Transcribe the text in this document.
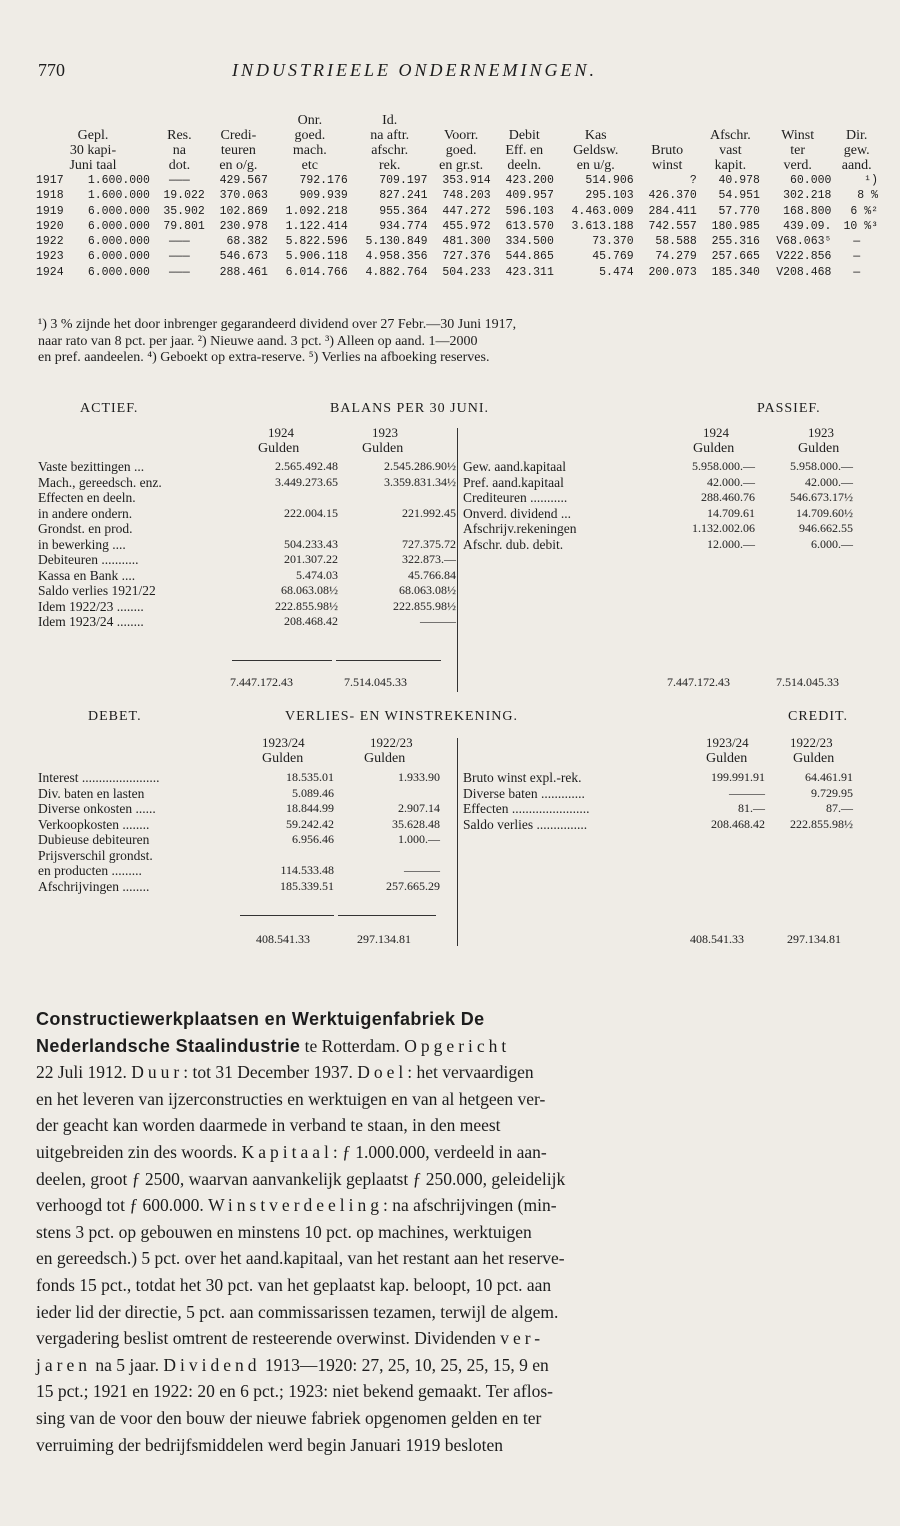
770	INDUSTRIEELE ONDERNEMINGEN.
				Onr.	Id.							
Gepl.		Res.	Credi-	goed.	na aftr.	Voorr.	Debit	Kas		Afschr.	Winst	Dir.
30 kapi-		na	teuren	mach.	afschr.	goed.	Eff. en	Geldsw.	Bruto	vast	ter	gew.
Juni taal		dot.	en o/g.	etc	rek.	en gr.st.	deeln.	en u/g.	winst	kapit.	verd.	aand.
1917	1.600.000	———	429.567	792.176	709.197	353.914	423.200	514.906	?	40.978	60.000	¹)
1918	1.600.000	19.022	370.063	909.939	827.241	748.203	409.957	295.103	426.370	54.951	302.218	8 %
1919	6.000.000	35.902	102.869	1.092.218	955.364	447.272	596.103	4.463.009	284.411	57.770	168.800	6 %²
1920	6.000.000	79.801	230.978	1.122.414	934.774	455.972	613.570	3.613.188	742.557	180.985	439.09.	10 %³
1922	6.000.000	———	68.382	5.822.596	5.130.849	481.300	334.500	73.370	58.588	255.316	V68.063⁵	—
1923	6.000.000	———	546.673	5.906.118	4.958.356	727.376	544.865	45.769	74.279	257.665	V222.856	—
1924	6.000.000	———	288.461	6.014.766	4.882.764	504.233	423.311	5.474	200.073	185.340	V208.468	—
¹) 3 % zijnde het door inbrenger gegarandeerd dividend over 27 Febr.—30 Juni 1917,
naar rato van 8 pct. per jaar. ²) Nieuwe aand. 3 pct. ³) Alleen op aand. 1—2000
en pref. aandeelen. ⁴) Geboekt op extra-reserve. ⁵) Verlies na afboeking reserves.
ACTIEF.	BALANS PER 30 JUNI.	PASSIEF.
1924	1923	1924	1923
Gulden	Gulden	Gulden	Gulden
Vaste bezittingen ...	2.565.492.48	2.545.286.90½
Mach., gereedsch. enz.	3.449.273.65	3.359.831.34½
Effecten en deeln.
in andere ondern.	222.004.15	221.992.45
Grondst. en prod.
in bewerking ....	504.233.43	727.375.72
Debiteuren ...........	201.307.22	322.873.—
Kassa en Bank ....	5.474.03	45.766.84
Saldo verlies 1921/22	68.063.08½	68.063.08½
Idem 1922/23 ........	222.855.98½	222.855.98½
Idem 1923/24 ........	208.468.42	———
Gew. aand.kapitaal	5.958.000.—	5.958.000.—
Pref. aand.kapitaal	42.000.—	42.000.—
Crediteuren ...........	288.460.76	546.673.17½
Onverd. dividend ...	14.709.61	14.709.60½
Afschrijv.rekeningen	1.132.002.06	946.662.55
Afschr. dub. debit.	12.000.—	6.000.—
7.447.172.43	7.514.045.33	7.447.172.43	7.514.045.33
DEBET.	VERLIES- EN WINSTREKENING.	CREDIT.
1923/24	1922/23	1923/24	1922/23
Gulden	Gulden	Gulden	Gulden
Interest .......................	18.535.01	1.933.90
Div. baten en lasten	5.089.46
Diverse onkosten ......	18.844.99	2.907.14
Verkoopkosten ........	59.242.42	35.628.48
Dubieuse debiteuren	6.956.46	1.000.—
Prijsverschil grondst.
en producten .........	114.533.48	———
Afschrijvingen ........	185.339.51	257.665.29
Bruto winst expl.-rek.	199.991.91	64.461.91
Diverse baten .............	———	9.729.95
Effecten .......................	81.—	87.—
Saldo verlies ...............	208.468.42	222.855.98½
408.541.33	297.134.81	408.541.33	297.134.81
Constructiewerkplaatsen en Werktuigenfabriek De
Nederlandsche Staalindustrie te Rotterdam. Opgericht
22 Juli 1912. Duur: tot 31 December 1937. Doel: het vervaardigen
en het leveren van ijzerconstructies en werktuigen en van al hetgeen ver-
der geacht kan worden daarmede in verband te staan, in den meest
uitgebreiden zin des woords. Kapitaal: ƒ 1.000.000, verdeeld in aan-
deelen, groot ƒ 2500, waarvan aanvankelijk geplaatst ƒ 250.000, geleidelijk
verhoogd tot ƒ 600.000. Winstverdeeling: na afschrijvingen (min-
stens 3 pct. op gebouwen en minstens 10 pct. op machines, werktuigen
en gereedsch.) 5 pct. over het aand.kapitaal, van het restant aan het reserve-
fonds 15 pct., totdat het 30 pct. van het geplaatst kap. beloopt, 10 pct. aan
ieder lid der directie, 5 pct. aan commissarissen tezamen, terwijl de algem.
vergadering beslist omtrent de resteerende overwinst. Dividenden ver-
jaren na 5 jaar. Dividend 1913—1920: 27, 25, 10, 25, 25, 15, 9 en
15 pct.; 1921 en 1922: 20 en 6 pct.; 1923: niet bekend gemaakt. Ter aflos-
sing van de voor den bouw der nieuwe fabriek opgenomen gelden en ter
verruiming der bedrijfsmiddelen werd begin Januari 1919 besloten
